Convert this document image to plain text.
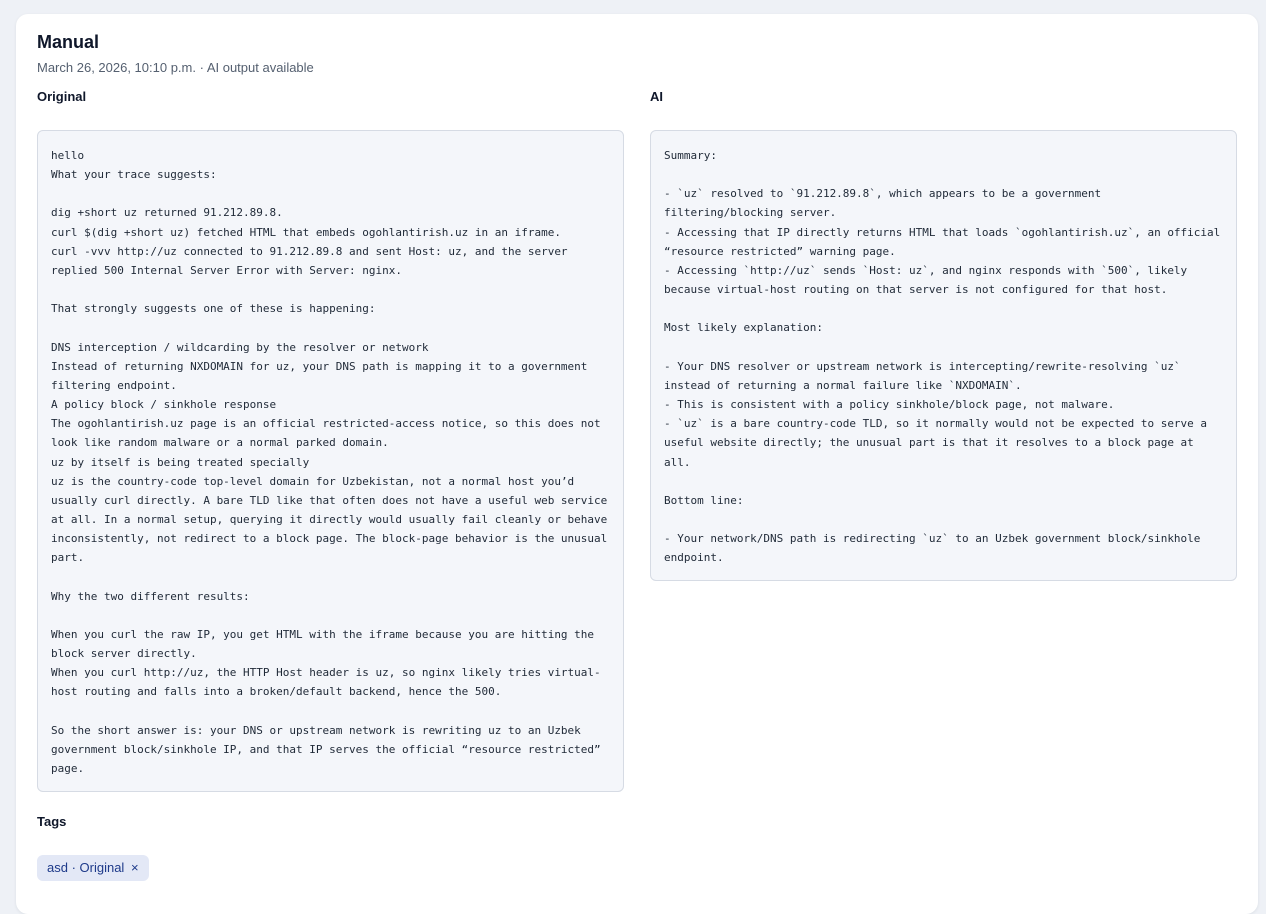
Manual
March 26, 2026, 10:10 p.m. · AI output available
Original	AI
hello
What your trace suggests:

dig +short uz returned 91.212.89.8.
curl $(dig +short uz) fetched HTML that embeds ogohlantirish.uz in an iframe.
curl -vvv http://uz connected to 91.212.89.8 and sent Host: uz, and the server replied 500 Internal Server Error with Server: nginx.

That strongly suggests one of these is happening:

DNS interception / wildcarding by the resolver or network
Instead of returning NXDOMAIN for uz, your DNS path is mapping it to a government filtering endpoint.
A policy block / sinkhole response
The ogohlantirish.uz page is an official restricted-access notice, so this does not look like random malware or a normal parked domain.
uz by itself is being treated specially
uz is the country-code top-level domain for Uzbekistan, not a normal host you’d usually curl directly. A bare TLD like that often does not have a useful web service at all. In a normal setup, querying it directly would usually fail cleanly or behave inconsistently, not redirect to a block page. The block-page behavior is the unusual part.

Why the two different results:

When you curl the raw IP, you get HTML with the iframe because you are hitting the block server directly.
When you curl http://uz, the HTTP Host header is uz, so nginx likely tries virtual-host routing and falls into a broken/default backend, hence the 500.

So the short answer is: your DNS or upstream network is rewriting uz to an Uzbek government block/sinkhole IP, and that IP serves the official “resource restricted” page.
Summary:

- `uz` resolved to `91.212.89.8`, which appears to be a government filtering/blocking server.
- Accessing that IP directly returns HTML that loads `ogohlantirish.uz`, an official “resource restricted” warning page.
- Accessing `http://uz` sends `Host: uz`, and nginx responds with `500`, likely because virtual-host routing on that server is not configured for that host.

Most likely explanation:

- Your DNS resolver or upstream network is intercepting/rewrite-resolving `uz` instead of returning a normal failure like `NXDOMAIN`.
- This is consistent with a policy sinkhole/block page, not malware.
- `uz` is a bare country-code TLD, so it normally would not be expected to serve a useful website directly; the unusual part is that it resolves to a block page at all.

Bottom line:

- Your network/DNS path is redirecting `uz` to an Uzbek government block/sinkhole endpoint.
Tags
asd · Original ×
